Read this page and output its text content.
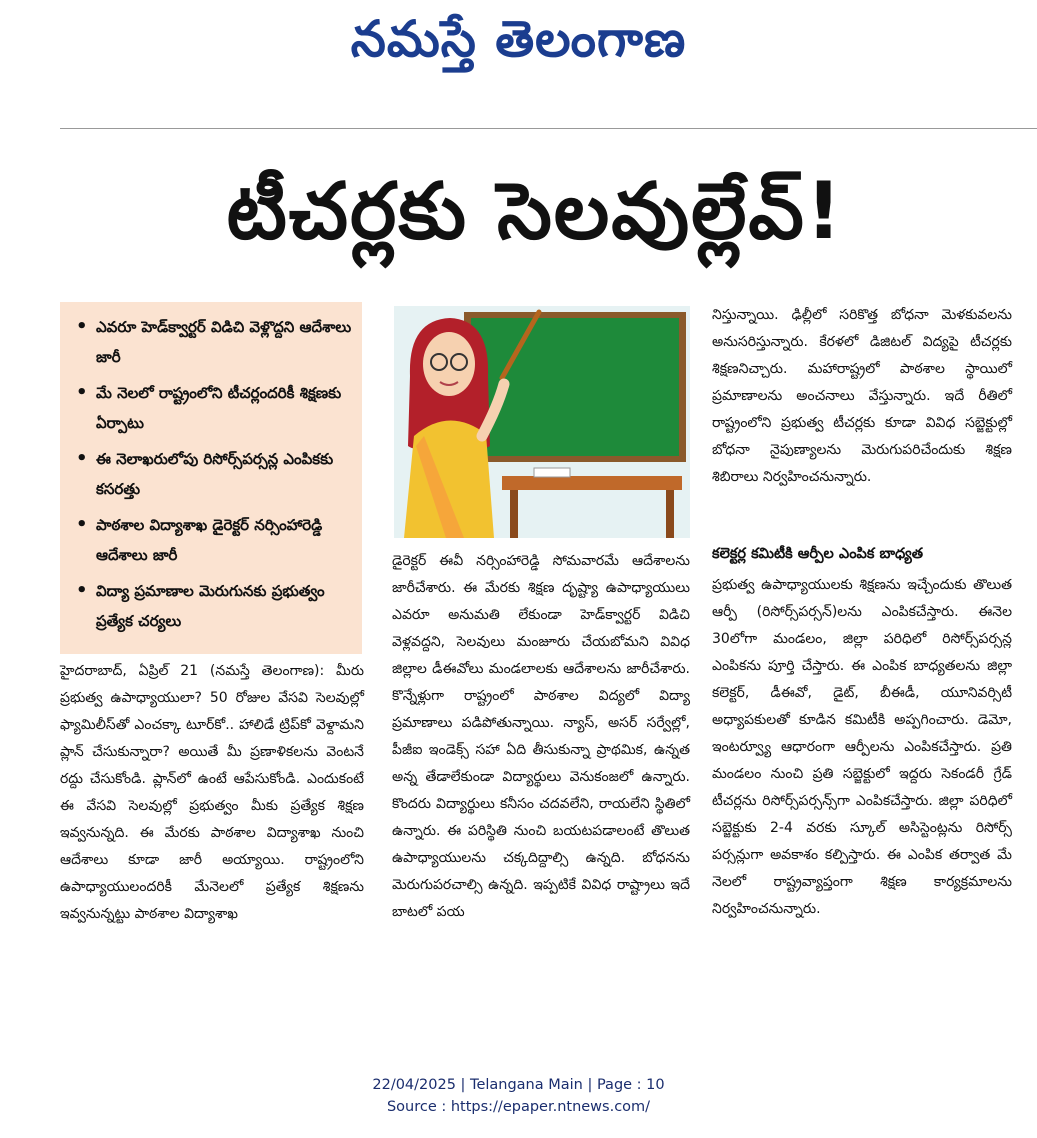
నమస్తే తెలంగాణ
టీచర్లకు సెలవుల్లేవ్!
• ఎవరూ హెడ్‌క్వార్టర్ విడిచి వెళ్లొద్దని ఆదేశాలు జారీ
• మే నెలలో రాష్ట్రంలోని టీచర్లందరికీ శిక్షణకు ఏర్పాటు
• ఈ నెలాఖరులోపు రిసోర్స్‌పర్సన్ల ఎంపికకు కసరత్తు
• పాఠశాల విద్యాశాఖ డైరెక్టర్ నర్సింహారెడ్డి ఆదేశాలు జారీ
• విద్యా ప్రమాణాల మెరుగునకు ప్రభుత్వం ప్రత్యేక చర్యలు

హైదరాబాద్, ఏప్రిల్ 21 (నమస్తే తెలంగాణ): మీరు ప్రభుత్వ ఉపాధ్యాయులా? 50 రోజుల వేసవి సెలవుల్లో ఫ్యామిలీస్‌తో ఎంచక్కా టూర్‌కో.. హాలిడే ట్రిప్‌కో వెళ్దామని ప్లాన్ చేసుకున్నారా? అయితే మీ ప్రణాళికలను వెంటనే రద్దు చేసుకోండి. ప్లాన్‌లో ఉంటే ఆపేసుకోండి. ఎందుకంటే ఈ వేసవి సెలవుల్లో ప్రభుత్వం మీకు ప్రత్యేక శిక్షణ ఇవ్వనున్నది. ఈ మేరకు పాఠశాల విద్యాశాఖ నుంచి ఆదేశాలు కూడా జారీ అయ్యాయి. రాష్ట్రంలోని ఉపాధ్యాయులందరికీ మేనెలలో ప్రత్యేక శిక్షణను ఇవ్వనున్నట్టు పాఠశాల విద్యాశాఖ

డైరెక్టర్ ఈవీ నర్సింహారెడ్డి సోమవారమే ఆదేశాలను జారీచేశారు. ఈ మేరకు శిక్షణ దృష్ట్యా ఉపాధ్యాయులు ఎవరూ అనుమతి లేకుండా హెడ్‌క్వార్టర్ విడిచి వెళ్లవద్దని, సెలవులు మంజూరు చేయబోమని వివిధ జిల్లాల డీఈవోలు మండలాలకు ఆదేశాలను జారీచేశారు. కొన్నేళ్లుగా రాష్ట్రంలో పాఠశాల విద్యలో విద్యా ప్రమాణాలు పడిపోతున్నాయి. న్యాస్, అసర్ సర్వేల్లో, పీజీఐ ఇండెక్స్ సహా ఏది తీసుకున్నా ప్రాథమిక, ఉన్నత అన్న తేడాలేకుండా విద్యార్థులు వెనుకంజలో ఉన్నారు. కొందరు విద్యార్థులు కనీసం చదవలేని, రాయలేని స్థితిలో ఉన్నారు. ఈ పరిస్థితి నుంచి బయటపడాలంటే తొలుత ఉపాధ్యాయులను చక్కదిద్దాల్సి ఉన్నది. బోధనను మెరుగుపరచాల్సి ఉన్నది. ఇప్పటికే వివిధ రాష్ట్రాలు ఇదే బాటలో పయ

నిస్తున్నాయి. ఢిల్లీలో సరికొత్త బోధనా మెళకువలను అనుసరిస్తున్నారు. కేరళలో డిజిటల్ విద్యపై టీచర్లకు శిక్షణనిచ్చారు. మహారాష్ట్రలో పాఠశాల స్థాయిలో ప్రమాణాలను అంచనాలు వేస్తున్నారు. ఇదే రీతిలో రాష్ట్రంలోని ప్రభుత్వ టీచర్లకు కూడా వివిధ సబ్జెక్టుల్లో బోధనా నైపుణ్యాలను మెరుగుపరిచేందుకు శిక్షణ శిబిరాలు నిర్వహించనున్నారు.

కలెక్టర్ల కమిటీకి ఆర్పీల ఎంపిక బాధ్యత

ప్రభుత్వ ఉపాధ్యాయులకు శిక్షణను ఇచ్చేందుకు తొలుత ఆర్పీ (రిసోర్స్‌పర్సన్)లను ఎంపికచేస్తారు. ఈనెల 30లోగా మండలం, జిల్లా పరిధిలో రిసోర్స్‌పర్సన్ల ఎంపికను పూర్తి చేస్తారు. ఈ ఎంపిక బాధ్యతలను జిల్లా కలెక్టర్, డీఈవో, డైట్, బీఈడీ, యూనివర్సిటీ అధ్యాపకులతో కూడిన కమిటీకి అప్పగించారు. డెమో, ఇంటర్వ్యూ ఆధారంగా ఆర్పీలను ఎంపికచేస్తారు. ప్రతి మండలం నుంచి ప్రతి సబ్జెక్టులో ఇద్దరు సెకండరీ గ్రేడ్ టీచర్లను రిసోర్స్‌పర్సన్స్‌గా ఎంపికచేస్తారు. జిల్లా పరిధిలో సబ్జెక్టుకు 2-4 వరకు స్కూల్ అసిస్టెంట్లను రిసోర్స్ పర్సన్లుగా అవకాశం కల్పిస్తారు. ఈ ఎంపిక తర్వాత మే నెలలో రాష్ట్రవ్యాప్తంగా శిక్షణ కార్యక్రమాలను నిర్వహించనున్నారు.

22/04/2025 | Telangana Main | Page : 10
Source : https://epaper.ntnews.com/
